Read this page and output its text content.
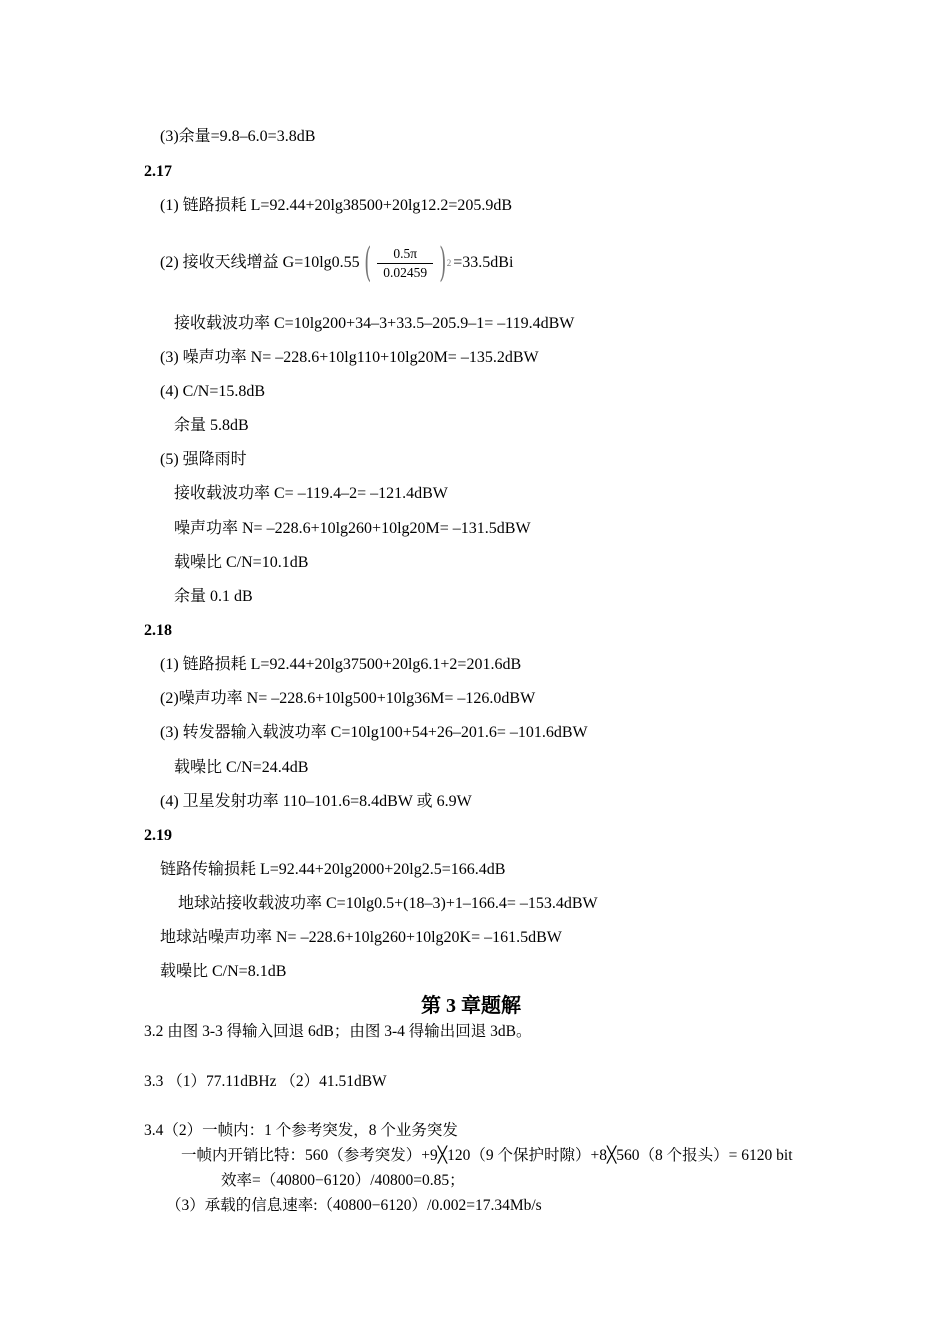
(3)余量=9.8–6.0=3.8dB
2.17
(1) 链路损耗 L=92.44+20lg38500+20lg12.2=205.9dB
(2) 接收天线增益 G=10lg0.55 ( $\frac{0.5\pi}{0.02459}$ ) 2 =33.5dBi
接收载波功率 C=10lg200+34–3+33.5–205.9–1= –119.4dBW
(3) 噪声功率 N= –228.6+10lg110+10lg20M= –135.2dBW
(4) C/N=15.8dB
余量 5.8dB
(5) 强降雨时
接收载波功率 C= –119.4–2= –121.4dBW
噪声功率 N= –228.6+10lg260+10lg20M= –131.5dBW
载噪比 C/N=10.1dB
余量 0.1 dB
2.18
(1) 链路损耗 L=92.44+20lg37500+20lg6.1+2=201.6dB
(2)噪声功率 N= –228.6+10lg500+10lg36M= –126.0dBW
(3) 转发器输入载波功率 C=10lg100+54+26–201.6= –101.6dBW
载噪比 C/N=24.4dB
(4) 卫星发射功率 110–101.6=8.4dBW 或 6.9W
2.19
链路传输损耗 L=92.44+20lg2000+20lg2.5=166.4dB
地球站接收载波功率 C=10lg0.5+(18–3)+1–166.4= –153.4dBW
地球站噪声功率 N= –228.6+10lg260+10lg20K= –161.5dBW
载噪比 C/N=8.1dB
第 3 章题解
3.2 由图 3-3 得输入回退 6dB；由图 3-4 得输出回退 3dB。
3.3 （1）77.11dBHz （2）41.51dBW
3.4（2）一帧内：1 个参考突发，8 个业务突发
一帧内开销比特：560（参考突发）+9╳120（9 个保护时隙）+8╳560（8 个报头）= 6120 bit
效率=（40800−6120）/40800=0.85；
（3）承载的信息速率:（40800−6120）/0.002=17.34Mb/s
